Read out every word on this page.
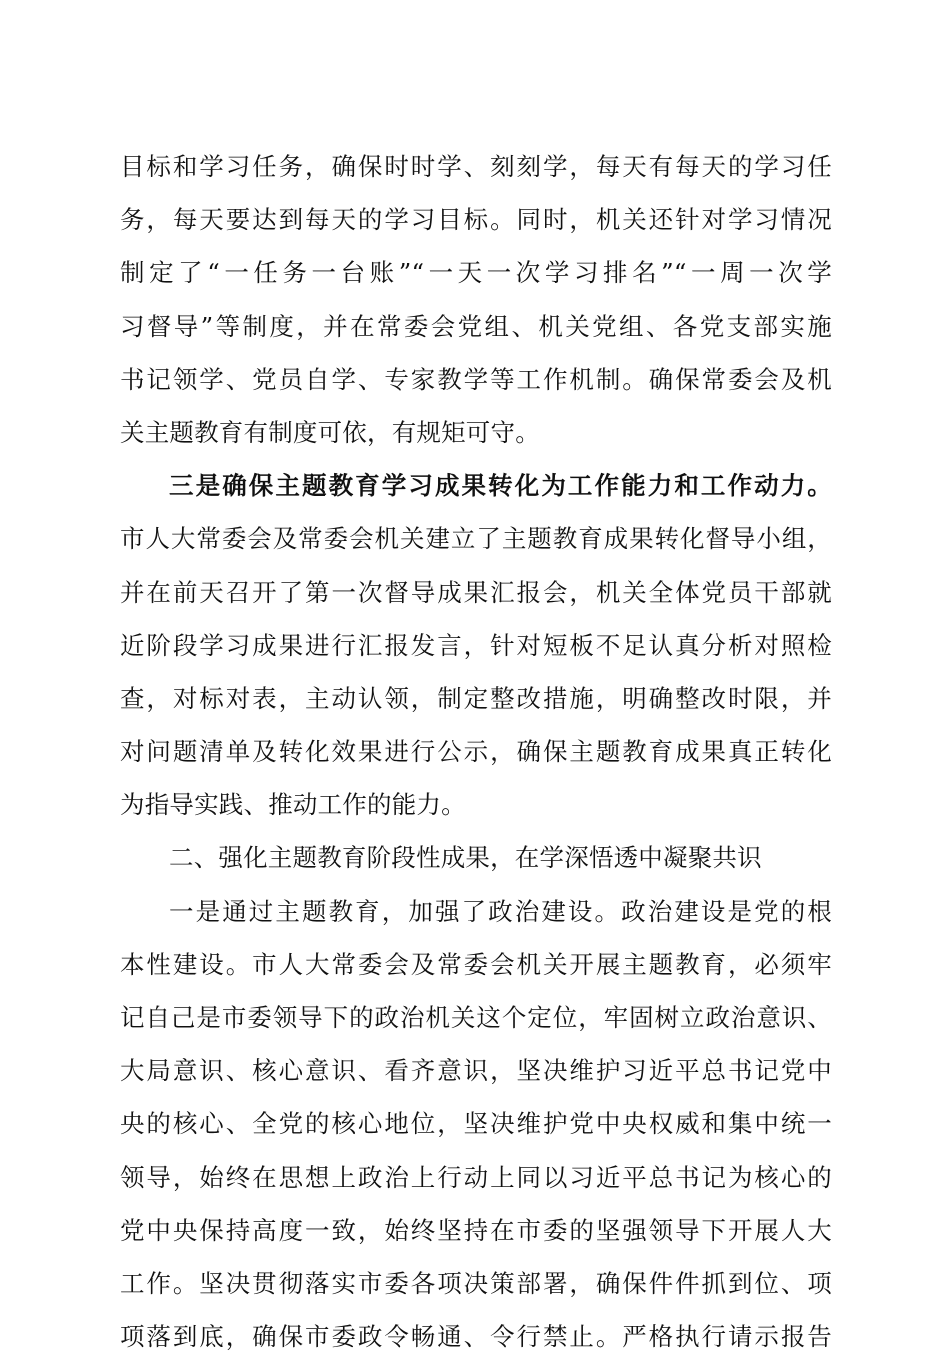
目标和学习任务，确保时时学、刻刻学，每天有每天的学习任
务，每天要达到每天的学习目标。同时，机关还针对学习情况
制定了“一任务一台账”“一天一次学习排名”“一周一次学
习督导”等制度，并在常委会党组、机关党组、各党支部实施
书记领学、党员自学、专家教学等工作机制。确保常委会及机
关主题教育有制度可依，有规矩可守。
三是确保主题教育学习成果转化为工作能力和工作动力。
市人大常委会及常委会机关建立了主题教育成果转化督导小组，
并在前天召开了第一次督导成果汇报会，机关全体党员干部就
近阶段学习成果进行汇报发言，针对短板不足认真分析对照检
查，对标对表，主动认领，制定整改措施，明确整改时限，并
对问题清单及转化效果进行公示，确保主题教育成果真正转化
为指导实践、推动工作的能力。
二、强化主题教育阶段性成果，在学深悟透中凝聚共识
一是通过主题教育，加强了政治建设。政治建设是党的根
本性建设。市人大常委会及常委会机关开展主题教育，必须牢
记自己是市委领导下的政治机关这个定位，牢固树立政治意识、
大局意识、核心意识、看齐意识，坚决维护习近平总书记党中
央的核心、全党的核心地位，坚决维护党中央权威和集中统一
领导，始终在思想上政治上行动上同以习近平总书记为核心的
党中央保持高度一致，始终坚持在市委的坚强领导下开展人大
工作。坚决贯彻落实市委各项决策部署，确保件件抓到位、项
项落到底，确保市委政令畅通、令行禁止。严格执行请示报告
